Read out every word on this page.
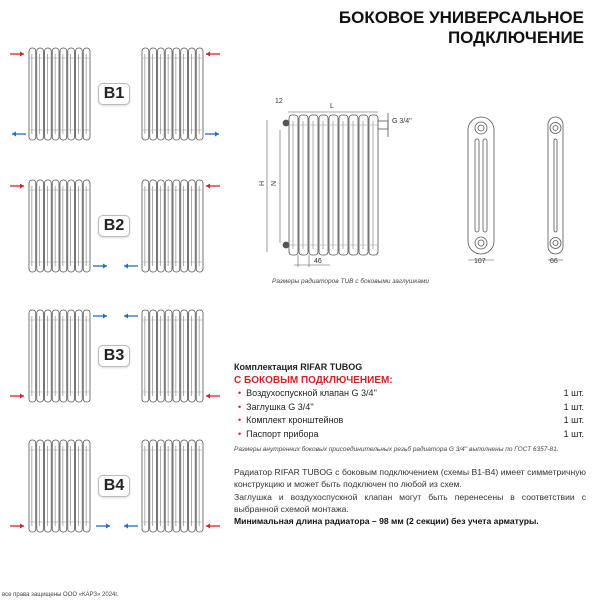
БОКОВОЕ УНИВЕРСАЛЬНОЕ
ПОДКЛЮЧЕНИЕ
B1
B2
B3
B4
12
L
G 3/4''
H N
46	107	66
Размеры радиаторов TUB с боковыми заглушками
Комплектация RIFAR TUBOG
С БОКОВЫМ ПОДКЛЮЧЕНИЕМ:
• Воздухоспускной клапан G 3/4''	1 шт.
• Заглушка G 3/4''	1 шт.
• Комплект кронштейнов	1 шт.
• Паспорт прибора	1 шт.
Размеры внутренних боковых присоединительных резьб радиатора G 3/4'' выполнены по ГОСТ 6357-81.
Радиатор RIFAR TUBOG с боковым подключением (схемы B1-B4) имеет симметричную конструкцию и может быть подключен по любой из схем.
Заглушка и воздухоспускной клапан могут быть перенесены в соответствии с выбранной схемой монтажа.
Минимальная длина радиатора – 98 мм (2 секции) без учета арматуры.
все права защищены ООО «КАРЗ» 2024г.
